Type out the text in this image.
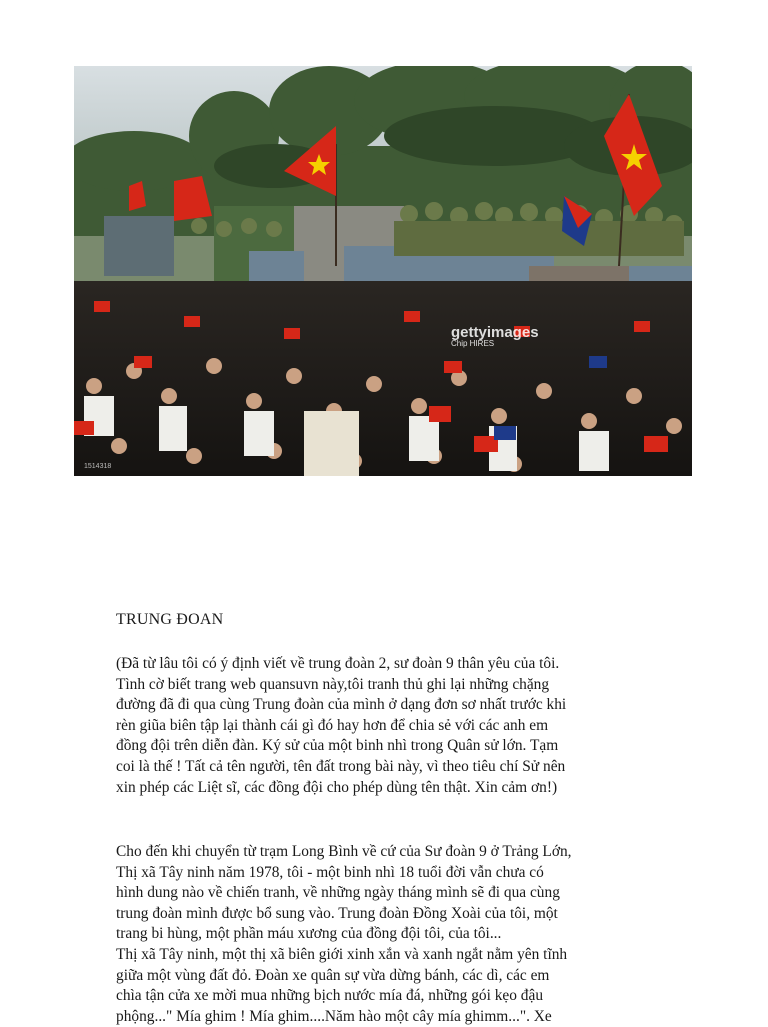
gettyimages
Chip HIRES
1514318
TRUNG ĐOAN

(Đã từ lâu tôi có ý định viết về trung đoàn 2, sư đoàn 9 thân yêu của tôi.
Tình cờ biết trang web quansuvn này,tôi tranh thủ ghi lại những chặng
đường đã đi qua cùng Trung đoàn của mình ở dạng đơn sơ nhất trước khi
rèn giũa biên tập lại thành cái gì đó hay hơn để chia sẻ với các anh em
đồng đội trên diễn đàn. Ký sử của một binh nhì trong Quân sử lớn. Tạm
coi là thế ! Tất cả tên người, tên đất trong bài này, vì theo tiêu chí Sử nên
xin phép các Liệt sĩ, các đồng đội cho phép dùng tên thật. Xin cảm ơn!)

Cho đến khi chuyển từ trạm Long Bình về cứ của Sư đoàn 9 ở Trảng Lớn,
Thị xã Tây ninh năm 1978, tôi - một binh nhì 18 tuổi đời vẫn chưa có
hình dung nào về chiến tranh, về những ngày tháng mình sẽ đi qua cùng
trung đoàn mình được bổ sung vào. Trung đoàn Đồng Xoài của tôi, một
trang bi hùng, một phần máu xương của đồng đội tôi, của tôi...
Thị xã Tây ninh, một thị xã biên giới xinh xắn và xanh ngắt nằm yên tĩnh
giữa một vùng đất đỏ. Đoàn xe quân sự vừa dừng bánh, các dì, các em
chìa tận cửa xe mời mua những bịch nước mía đá, những gói kẹo đậu
phộng..." Mía ghim ! Mía ghim....Năm hào một cây mía ghimm...". Xe
